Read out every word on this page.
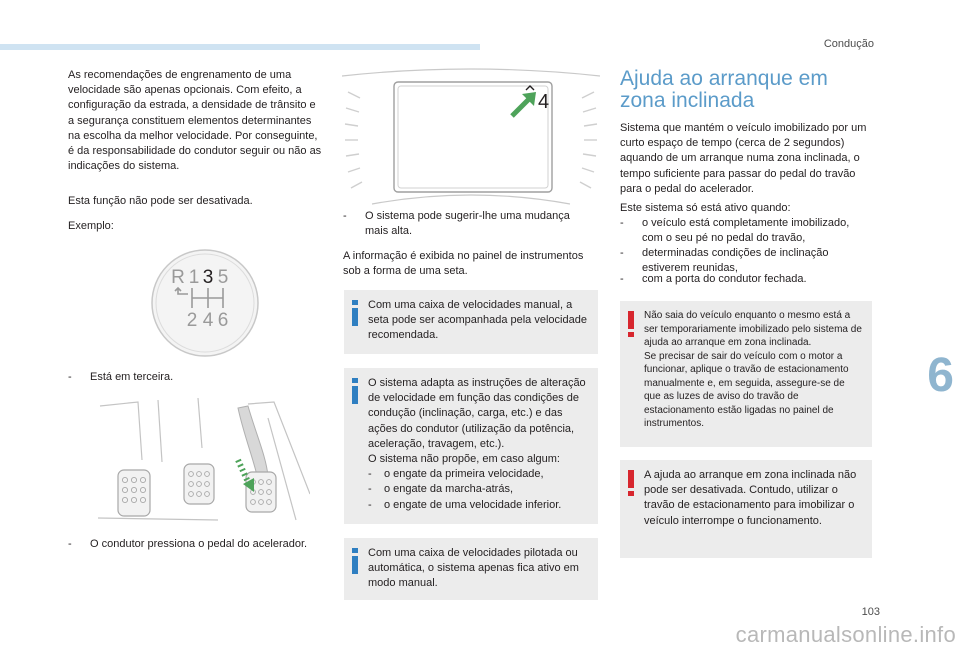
Condução
6
103
carmanualsonline.info

As recomendações de engrenamento de uma velocidade são apenas opcionais. Com efeito, a configuração da estrada, a densidade de trânsito e a segurança constituem elementos determinantes na escolha da melhor velocidade. Por conseguinte, é da responsabilidade do condutor seguir ou não as indicações do sistema.

Esta função não pode ser desativada.

Exemplo:

R 1 3 5
2 4 6
-	Está em terceira.
-	O condutor pressiona o pedal do acelerador.
4
-	O sistema pode sugerir-lhe uma mudança mais alta.

A informação é exibida no painel de instrumentos sob a forma de uma seta.

Com uma caixa de velocidades manual, a seta pode ser acompanhada pela velocidade recomendada.
O sistema adapta as instruções de alteração de velocidade em função das condições de condução (inclinação, carga, etc.) e das ações do condutor (utilização da potência, aceleração, travagem, etc.).
O sistema não propõe, em caso algum:
- o engate da primeira velocidade,
- o engate da marcha-atrás,
- o engate de uma velocidade inferior.
Com uma caixa de velocidades pilotada ou automática, o sistema apenas fica ativo em modo manual.
Ajuda ao arranque em
zona inclinada

Sistema que mantém o veículo imobilizado por um curto espaço de tempo (cerca de 2 segundos) aquando de um arranque numa zona inclinada, o tempo suficiente para passar do pedal do travão para o pedal do acelerador.

Este sistema só está ativo quando:

-	o veículo está completamente imobilizado, com o seu pé no pedal do travão,
-	determinadas condições de inclinação estiverem reunidas,
-	com a porta do condutor fechada.
Não saia do veículo enquanto o mesmo está a ser temporariamente imobilizado pelo sistema de ajuda ao arranque em zona inclinada.
Se precisar de sair do veículo com o motor a funcionar, aplique o travão de estacionamento manualmente e, em seguida, assegure-se de que as luzes de aviso do travão de estacionamento estão ligadas no painel de instrumentos.
A ajuda ao arranque em zona inclinada não pode ser desativada. Contudo, utilizar o travão de estacionamento para imobilizar o veículo interrompe o funcionamento.
